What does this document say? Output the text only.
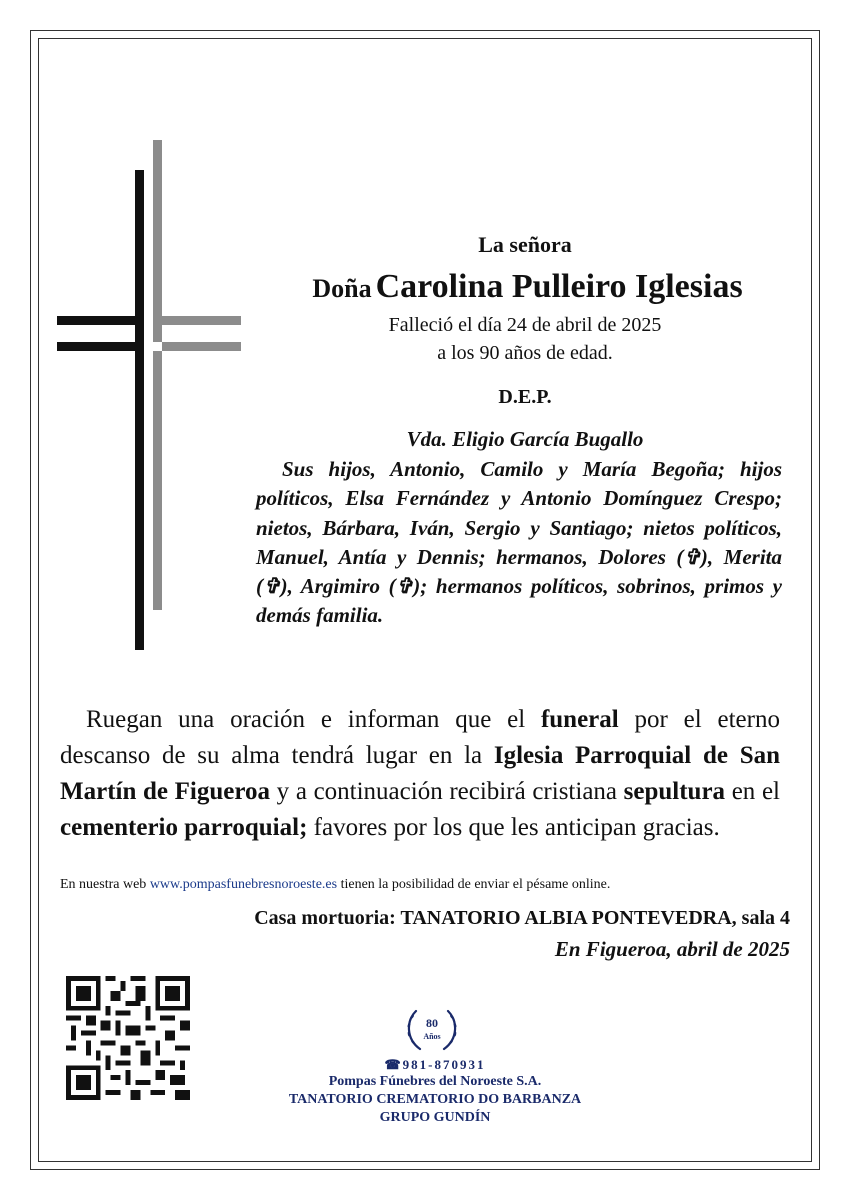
La señora
Doña Carolina Pulleiro Iglesias
Falleció el día 24 de abril de 2025
a los 90 años de edad.
D.E.P.
Vda. Eligio García Bugallo
Sus hijos, Antonio, Camilo y María Begoña; hijos políticos, Elsa Fernández y Antonio Domínguez Crespo; nietos, Bárbara, Iván, Sergio y Santiago; nietos políticos, Manuel, Antía y Dennis; hermanos, Dolores (✞), Merita (✞), Argimiro (✞); hermanos políticos, sobrinos, primos y demás familia.
Ruegan una oración e informan que el funeral por el eterno descanso de su alma tendrá lugar en la Iglesia Parroquial de San Martín de Figueroa y a continuación recibirá cristiana sepultura en el cementerio parroquial; favores por los que les anticipan gracias.
En nuestra web www.pompasfunebresnoroeste.es tienen la posibilidad de enviar el pésame online.
Casa mortuoria: TANATORIO ALBIA PONTEVEDRA, sala 4
En Figueroa, abril de 2025
80
Años
☎981-870931
Pompas Fúnebres del Noroeste S.A.
TANATORIO CREMATORIO DO BARBANZA
GRUPO GUNDÍN
